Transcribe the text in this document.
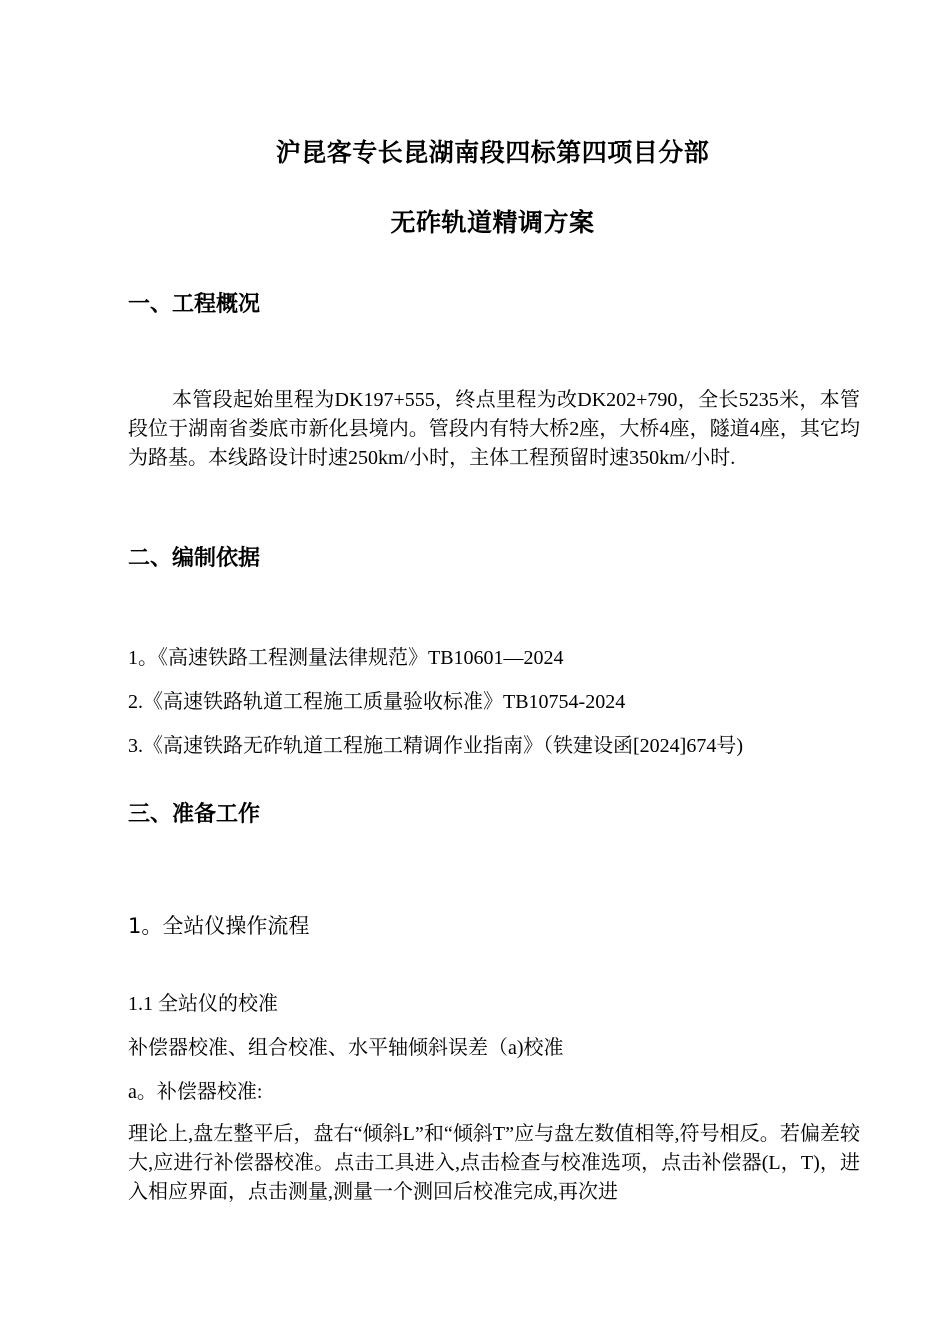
沪昆客专长昆湖南段四标第四项目分部
无砟轨道精调方案
一、工程概况
本管段起始里程为DK197+555，终点里程为改DK202+790，全长5235米，本管段位于湖南省娄底市新化县境内。管段内有特大桥2座，大桥4座，隧道4座，其它均为路基。本线路设计时速250km/小时，主体工程预留时速350km/小时.
二、编制依据
1。《高速铁路工程测量法律规范》TB10601—2024
2.《高速铁路轨道工程施工质量验收标准》TB10754-2024
3.《高速铁路无砟轨道工程施工精调作业指南》（铁建设函[2024]674号)
三、准备工作
1。全站仪操作流程
1.1 全站仪的校准
补偿器校准、组合校准、水平轴倾斜误差（a)校准
a。补偿器校准:
理论上,盘左整平后，盘右“倾斜L”和“倾斜T”应与盘左数值相等,符号相反。若偏差较大,应进行补偿器校准。点击工具进入,点击检查与校准选项，点击补偿器(L，T)，进入相应界面，点击测量,测量一个测回后校准完成,再次进
